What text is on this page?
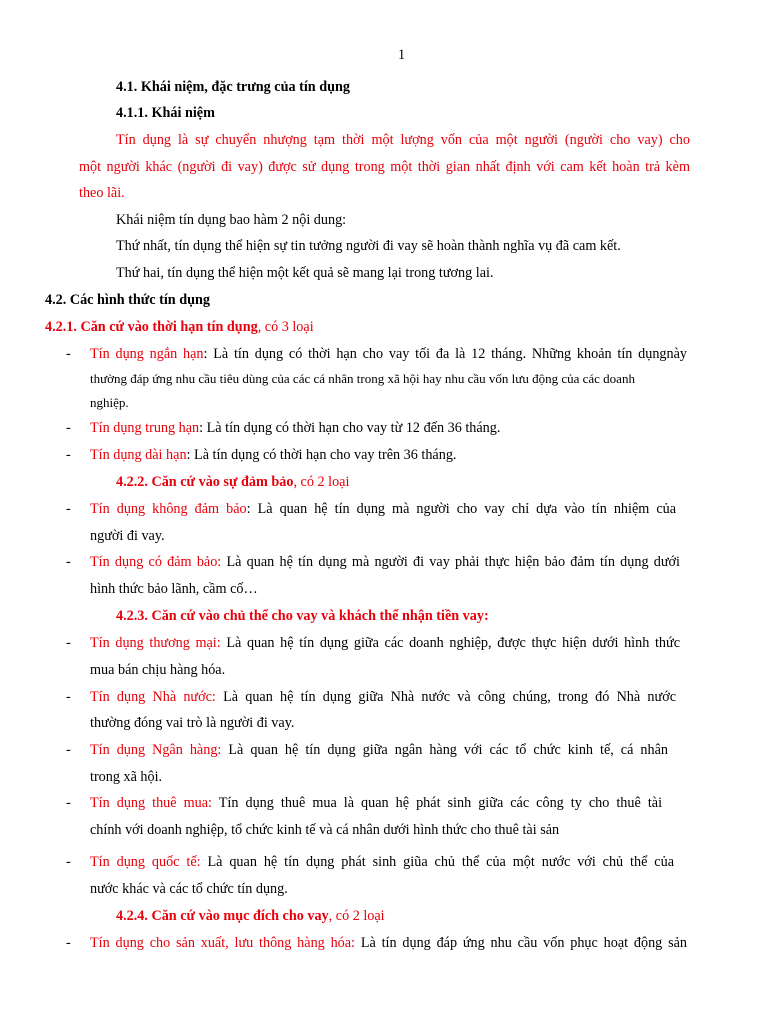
1
4.1. Khái niệm, đặc trưng của tín dụng
4.1.1. Khái niệm
Tín dụng là sự chuyển nhượng tạm thời một lượng vốn của một người (người cho vay) cho
một người khác (người đi vay) được sử dụng trong một thời gian nhất định với cam kết hoàn trả kèm
theo lãi.
Khái niệm tín dụng bao hàm 2 nội dung:
Thứ nhất, tín dụng thể hiện sự tin tưởng người đi vay sẽ hoàn thành nghĩa vụ đã cam kết.
Thứ hai, tín dụng thể hiện một kết quả sẽ mang lại trong tương lai.
4.2. Các hình thức tín dụng
4.2.1. Căn cứ vào thời hạn tín dụng, có 3 loại
- Tín dụng ngắn hạn: Là tín dụng có thời hạn cho vay tối đa là 12 tháng. Những khoản tín dụngnày
thường đáp ứng nhu cầu tiêu dùng của các cá nhân trong xã hội hay nhu cầu vốn lưu động của các doanh
nghiệp.
- Tín dụng trung hạn: Là tín dụng có thời hạn cho vay từ 12 đến 36 tháng.
- Tín dụng dài hạn: Là tín dụng có thời hạn cho vay trên 36 tháng.
4.2.2. Căn cứ vào sự đảm bảo, có 2 loại
- Tín dụng không đảm bảo: Là quan hệ tín dụng mà người cho vay chỉ dựa vào tín nhiệm của
người đi vay.
- Tín dụng có đảm bảo: Là quan hệ tín dụng mà người đi vay phải thực hiện bảo đảm tín dụng dưới
hình thức bảo lãnh, cầm cố…
4.2.3. Căn cứ vào chủ thể cho vay và khách thể nhận tiền vay:
- Tín dụng thương mại: Là quan hệ tín dụng giữa các doanh nghiệp, được thực hiện dưới hình thức
mua bán chịu hàng hóa.
- Tín dụng Nhà nước: Là quan hệ tín dụng giữa Nhà nước và công chúng, trong đó Nhà nước
thường đóng vai trò là người đi vay.
- Tín dụng Ngân hàng: Là quan hệ tín dụng giữa ngân hàng với các tổ chức kinh tế, cá nhân
trong xã hội.
- Tín dụng thuê mua: Tín dụng thuê mua là quan hệ phát sinh giữa các công ty cho thuê tài
chính với doanh nghiệp, tổ chức kinh tế và cá nhân dưới hình thức cho thuê tài sản
- Tín dụng quốc tế: Là quan hệ tín dụng phát sinh giũa chủ thể của một nước với chủ thể của
nước khác và các tổ chức tín dụng.
4.2.4. Căn cứ vào mục đích cho vay, có 2 loại
- Tín dụng cho sản xuất, lưu thông hàng hóa: Là tín dụng đáp ứng nhu cầu vốn phục hoạt động sản
